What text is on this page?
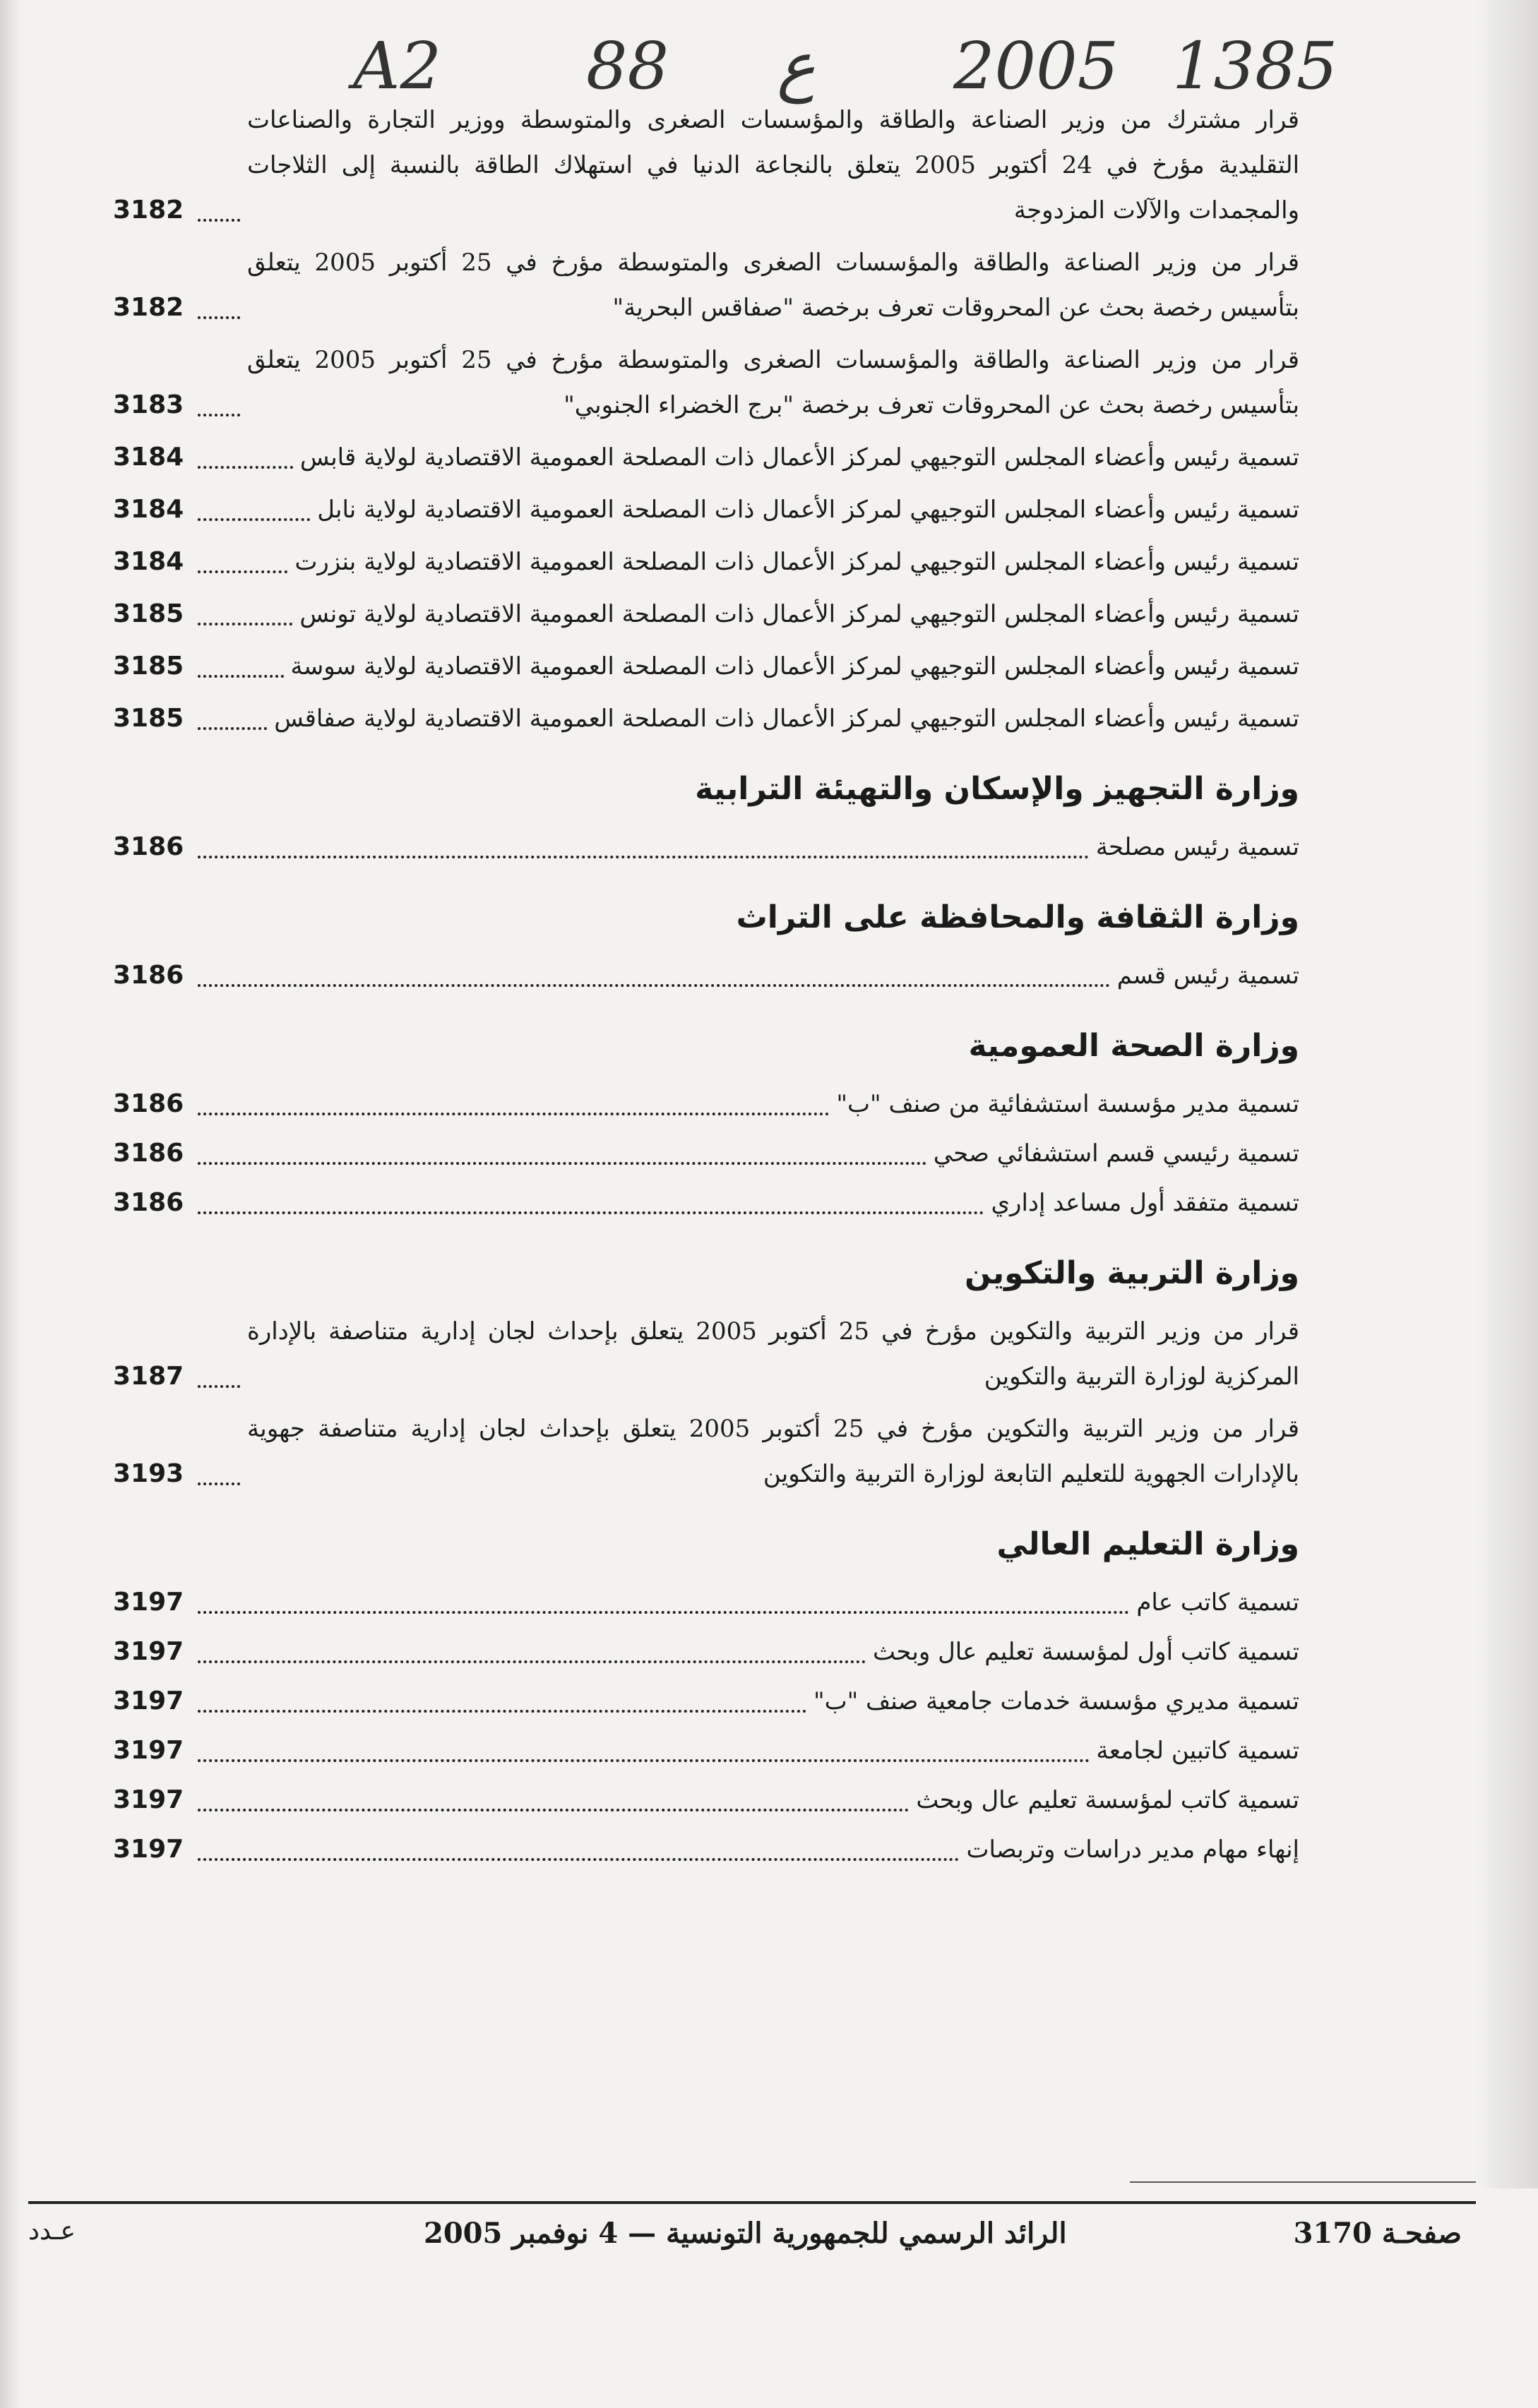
A2 88 ع 2005 1385
قرار مشترك من وزير الصناعة والطاقة والمؤسسات الصغرى والمتوسطة ووزير التجارة والصناعات التقليدية مؤرخ في 24 أكتوبر 2005 يتعلق بالنجاعة الدنيا في استهلاك الطاقة بالنسبة إلى الثلاجات والمجمدات والآلات المزدوجة
3182
قرار من وزير الصناعة والطاقة والمؤسسات الصغرى والمتوسطة مؤرخ في 25 أكتوبر 2005 يتعلق بتأسيس رخصة بحث عن المحروقات تعرف برخصة "صفاقس البحرية"
3182
قرار من وزير الصناعة والطاقة والمؤسسات الصغرى والمتوسطة مؤرخ في 25 أكتوبر 2005 يتعلق بتأسيس رخصة بحث عن المحروقات تعرف برخصة "برج الخضراء الجنوبي"
3183
تسمية رئيس وأعضاء المجلس التوجيهي لمركز الأعمال ذات المصلحة العمومية الاقتصادية لولاية قابس
3184
تسمية رئيس وأعضاء المجلس التوجيهي لمركز الأعمال ذات المصلحة العمومية الاقتصادية لولاية نابل
3184
تسمية رئيس وأعضاء المجلس التوجيهي لمركز الأعمال ذات المصلحة العمومية الاقتصادية لولاية بنزرت
3184
تسمية رئيس وأعضاء المجلس التوجيهي لمركز الأعمال ذات المصلحة العمومية الاقتصادية لولاية تونس
3185
تسمية رئيس وأعضاء المجلس التوجيهي لمركز الأعمال ذات المصلحة العمومية الاقتصادية لولاية سوسة
3185
تسمية رئيس وأعضاء المجلس التوجيهي لمركز الأعمال ذات المصلحة العمومية الاقتصادية لولاية صفاقس
3185
وزارة التجهيز والإسكان والتهيئة الترابية
تسمية رئيس مصلحة
3186
وزارة الثقافة والمحافظة على التراث
تسمية رئيس قسم
3186
وزارة الصحة العمومية
تسمية مدير مؤسسة استشفائية من صنف "ب"
3186
تسمية رئيسي قسم استشفائي صحي
3186
تسمية متفقد أول مساعد إداري
3186
وزارة التربية والتكوين
قرار من وزير التربية والتكوين مؤرخ في 25 أكتوبر 2005 يتعلق بإحداث لجان إدارية متناصفة بالإدارة المركزية لوزارة التربية والتكوين
3187
قرار من وزير التربية والتكوين مؤرخ في 25 أكتوبر 2005 يتعلق بإحداث لجان إدارية متناصفة جهوية بالإدارات الجهوية للتعليم التابعة لوزارة التربية والتكوين
3193
وزارة التعليم العالي
تسمية كاتب عام
3197
تسمية كاتب أول لمؤسسة تعليم عال وبحث
3197
تسمية مديري مؤسسة خدمات جامعية صنف "ب"
3197
تسمية كاتبين لجامعة
3197
تسمية كاتب لمؤسسة تعليم عال وبحث
3197
إنهاء مهام مدير دراسات وتربصات
3197
صفحـة 3170
الرائد الرسمي للجمهورية التونسية — 4 نوفمبر 2005
عـدد
